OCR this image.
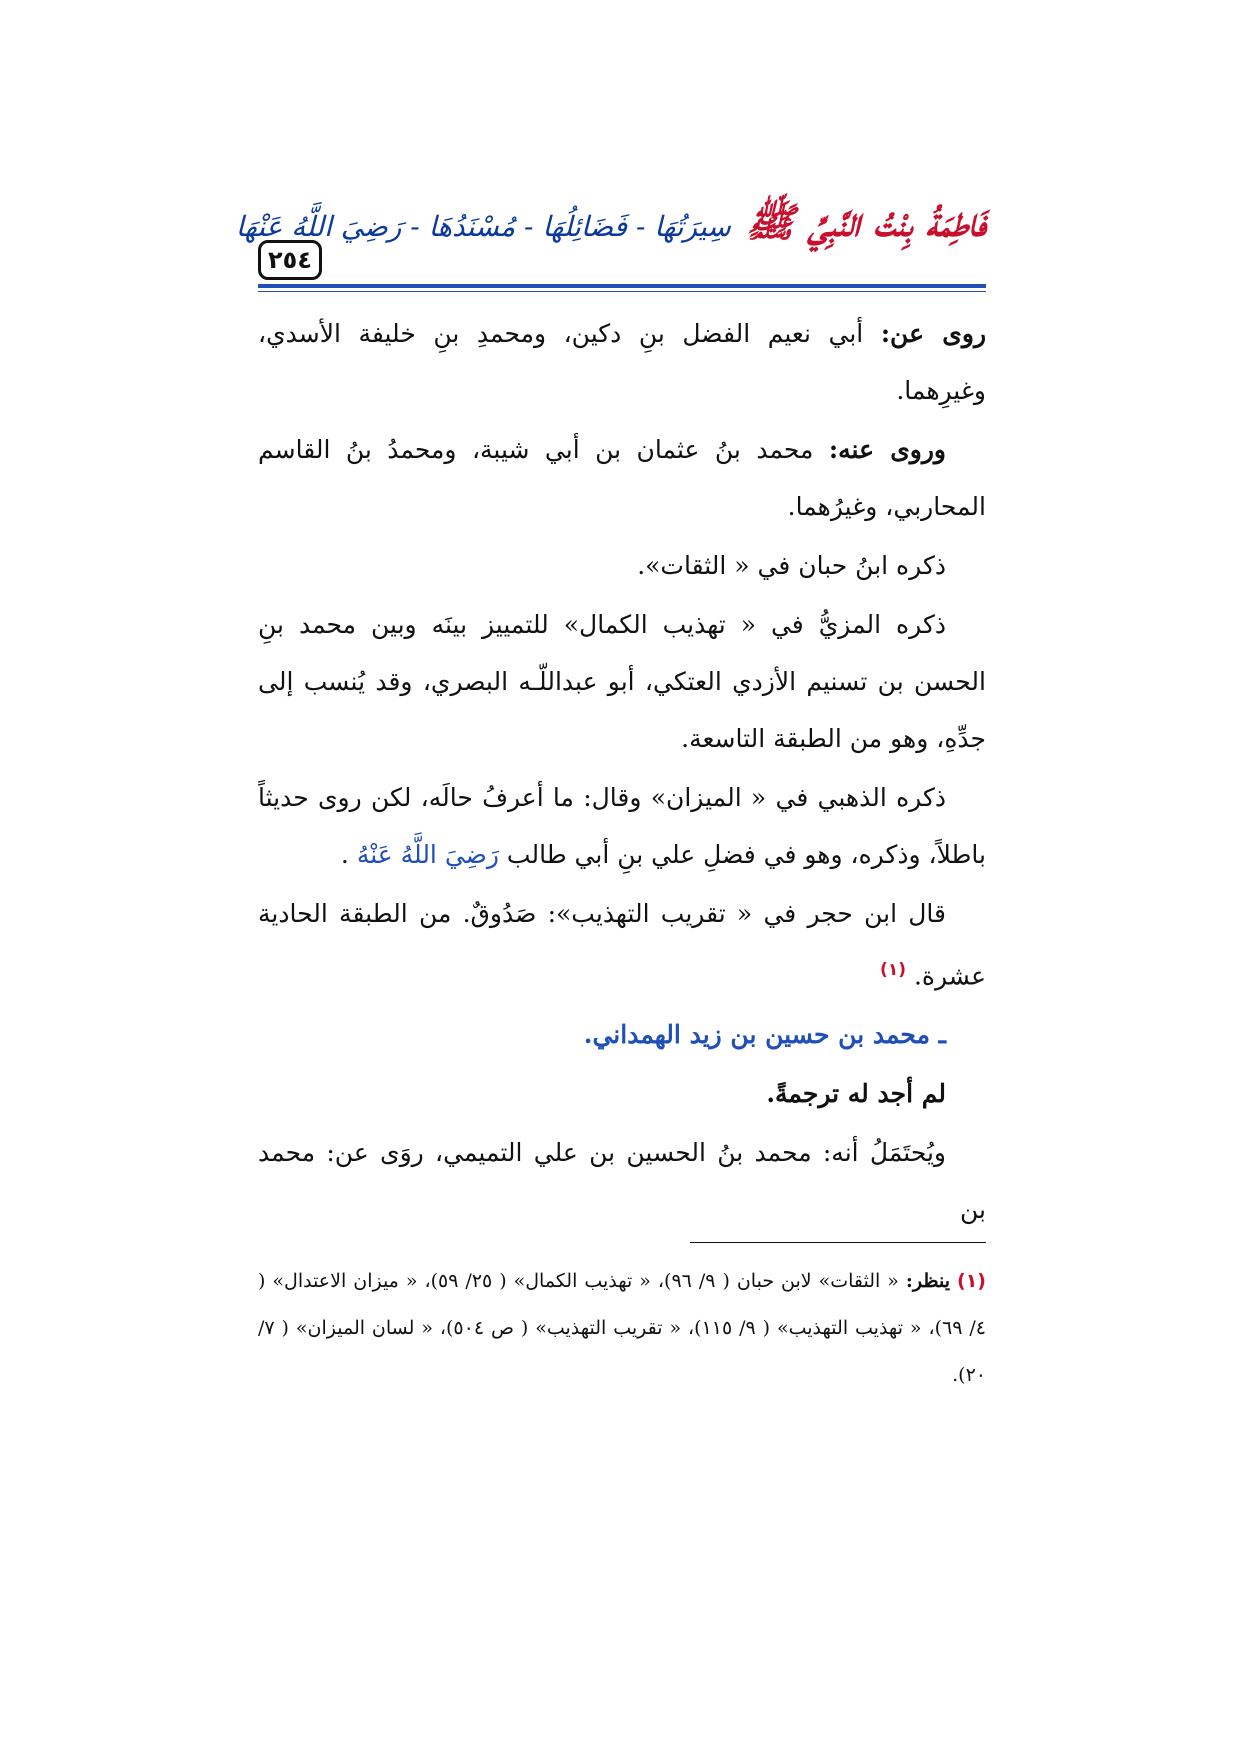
٢٥٤
فَاطِمَةُ بِنْتُ النَّبِيِّ ﷺ سِيرَتُهَا - فَضَائِلُهَا - مُسْنَدُهَا - رَضِيَ اللَّهُ عَنْهَا

روى عن: أبي نعيم الفضل بنِ دكين، ومحمدِ بنِ خليفة الأسدي، وغيرِهما.

وروى عنه: محمد بنُ عثمان بن أبي شيبة، ومحمدُ بنُ القاسم المحاربي، وغيرُهما.

ذكره ابنُ حبان في « الثقات».

ذكره المزيُّ في « تهذيب الكمال» للتمييز بينَه وبين محمد بنِ الحسن بن تسنيم الأزدي العتكي، أبو عبداللّـه البصري، وقد يُنسب إلى جدِّهِ، وهو من الطبقة التاسعة.

ذكره الذهبي في « الميزان» وقال: ما أعرفُ حالَه، لكن روى حديثاً باطلاً، وذكره، وهو في فضلِ علي بنِ أبي طالب رَضِيَ اللَّهُ عَنْهُ .

قال ابن حجر في « تقريب التهذيب»: صَدُوقٌ. من الطبقة الحادية عشرة. $^{(١)}$

ـ محمد بن حسين بن زيد الهمداني.

لم أجد له ترجمةً.

ويُحتَمَلُ أنه: محمد بنُ الحسين بن علي التميمي، روَى عن: محمد بن

(١) ينظر: « الثقات» لابن حبان ( ٩/ ٩٦)، « تهذيب الكمال» ( ٢٥/ ٥٩)، « ميزان الاعتدال» ( ٤/ ٦٩)، « تهذيب التهذيب» ( ٩/ ١١٥)، « تقريب التهذيب» ( ص ٥٠٤)، « لسان الميزان» ( ٧/ ٢٠).
